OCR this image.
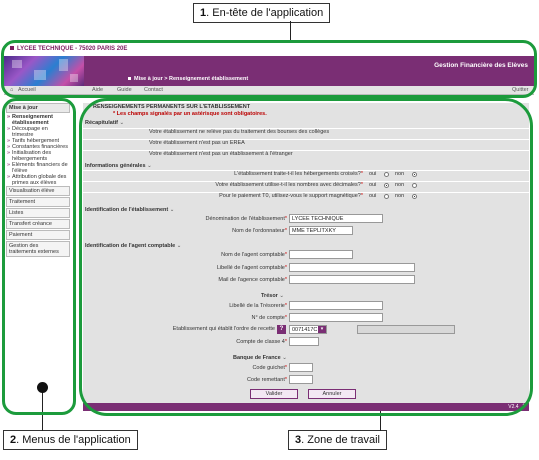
1. En-tête de l'application
2. Menus de l'application	3. Zone de travail
LYCEE TECHNIQUE - 75020 PARIS 20E
Gestion Financière des Elèves
Mise à jour > Renseignement établissement
⌂ Accueil	Aide	Guide Contact	Quitter
Mise à jour
» Renseignement établissement
» Découpage en trimestre
» Tarifs hébergement
» Constantes financières
» Initialisation des hébergements
» Eléments financiers de l'élève
» Attribution globale des primes aux élèves
Visualisation élève
Traitement
Listes
Transfert créance
Paiement
Gestion des traitements externes
RENSEIGNEMENTS PERMANENTS SUR L'ETABLISSEMENT
* Les champs signalés par un astérisque sont obligatoires.
Récapitulatif ⌄
Votre établissement ne relève pas du traitement des bourses des collèges
Votre établissement n'est pas un EREA
Votre établissement n'est pas un établissement à l'étranger
Informations générales ⌄
L'établissement traite-t-il les hébergements croisés?* oui	non
Votre établissement utilise-t-il les nombres avec décimales?* oui	non
Pour le paiement T0, utilisez-vous le support magnétique?* oui	non
Identification de l'établissement ⌄
Dénomination de l'établissement* LYCEE TECHNIQUE
Nom de l'ordonnateur* MME TEPLITXKY
Identification de l'agent comptable ⌄
Nom de l'agent comptable*
Libellé de l'agent comptable*
Mail de l'agence comptable*
Trésor ⌄
Libellé de la Trésorerie*
N° de compte*
Etablissement qui établit l'ordre de recette ?	0071417C ▾
Compte de classe 4*
Banque de France ⌄
Code guichet*
Code remettant*
Valider	Annuler
V2.4 ⤴
